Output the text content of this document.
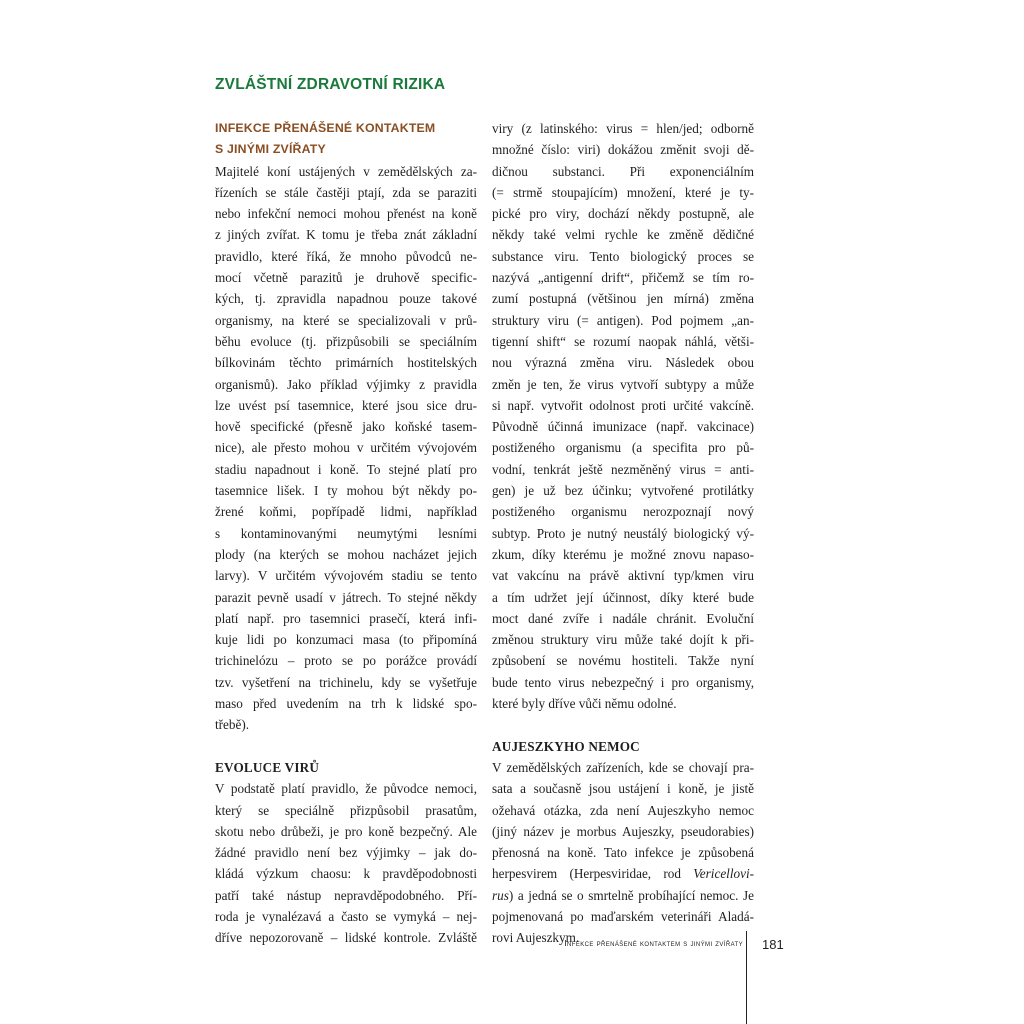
ZVLÁŠTNÍ ZDRAVOTNÍ RIZIKA
INFEKCE PŘENÁŠENÉ KONTAKTEM
S JINÝMI ZVÍŘATY

Majitelé koní ustájených v zemědělských za-
řízeních se stále častěji ptají, zda se paraziti
nebo infekční nemoci mohou přenést na koně
z jiných zvířat. K tomu je třeba znát základní
pravidlo, které říká, že mnoho původců ne-
mocí včetně parazitů je druhově specific-
kých, tj. zpravidla napadnou pouze takové
organismy, na které se specializovali v prů-
běhu evoluce (tj. přizpůsobili se speciálním
bílkovinám těchto primárních hostitelských
organismů). Jako příklad výjimky z pravidla
lze uvést psí tasemnice, které jsou sice dru-
hově specifické (přesně jako koňské tasem-
nice), ale přesto mohou v určitém vývojovém
stadiu napadnout i koně. To stejné platí pro
tasemnice lišek. I ty mohou být někdy po-
žrené koňmi, popřípadě lidmi, například
s kontaminovanými neumytými lesními
plody (na kterých se mohou nacházet jejich
larvy). V určitém vývojovém stadiu se tento
parazit pevně usadí v játrech. To stejné někdy
platí např. pro tasemnici prasečí, která infi-
kuje lidi po konzumaci masa (to připomíná
trichinelózu – proto se po porážce provádí
tzv. vyšetření na trichinelu, kdy se vyšetřuje
maso před uvedením na trh k lidské spo-
třebě).

EVOLUCE VIRŮ

V podstatě platí pravidlo, že původce nemoci,
který se speciálně přizpůsobil prasatům,
skotu nebo drůbeži, je pro koně bezpečný. Ale
žádné pravidlo není bez výjimky – jak do-
kládá výzkum chaosu: k pravděpodobnosti
patří také nástup nepravděpodobného. Pří-
roda je vynalézavá a často se vymyká – nej-
dříve nepozorovaně – lidské kontrole. Zvláště

viry (z latinského: virus = hlen/jed; odborně
množné číslo: viri) dokážou změnit svoji dě-
dičnou substanci. Při exponenciálním
(= strmě stoupajícím) množení, které je ty-
pické pro viry, dochází někdy postupně, ale
někdy také velmi rychle ke změně dědičné
substance viru. Tento biologický proces se
nazývá „antigenní drift“, přičemž se tím ro-
zumí postupná (většinou jen mírná) změna
struktury viru (= antigen). Pod pojmem „an-
tigenní shift“ se rozumí naopak náhlá, větši-
nou výrazná změna viru. Následek obou
změn je ten, že virus vytvoří subtypy a může
si např. vytvořit odolnost proti určité vakcíně.
Původně účinná imunizace (např. vakcinace)
postiženého organismu (a specifita pro pů-
vodní, tenkrát ještě nezměněný virus = anti-
gen) je už bez účinku; vytvořené protilátky
postiženého organismu nerozpoznají nový
subtyp. Proto je nutný neustálý biologický vý-
zkum, díky kterému je možné znovu napaso-
vat vakcínu na právě aktivní typ/kmen viru
a tím udržet její účinnost, díky které bude
moct dané zvíře i nadále chránit. Evoluční
změnou struktury viru může také dojít k při-
způsobení se novému hostiteli. Takže nyní
bude tento virus nebezpečný i pro organismy,
které byly dříve vůči němu odolné.

AUJESZKYHO NEMOC

V zemědělských zařízeních, kde se chovají pra-
sata a současně jsou ustájení i koně, je jistě
ožehavá otázka, zda není Aujeszkyho nemoc
(jiný název je morbus Aujeszky, pseudorabies)
přenosná na koně. Tato infekce je způsobená
herpesvirem (Herpesviridae, rod Vericellovi-
rus) a jedná se o smrtelně probíhající nemoc. Je
pojmenovaná po maďarském veterináři Aladá-
rovi Aujeszkym.

Infekce přenášené kontaktem s jinými zvířaty 181
